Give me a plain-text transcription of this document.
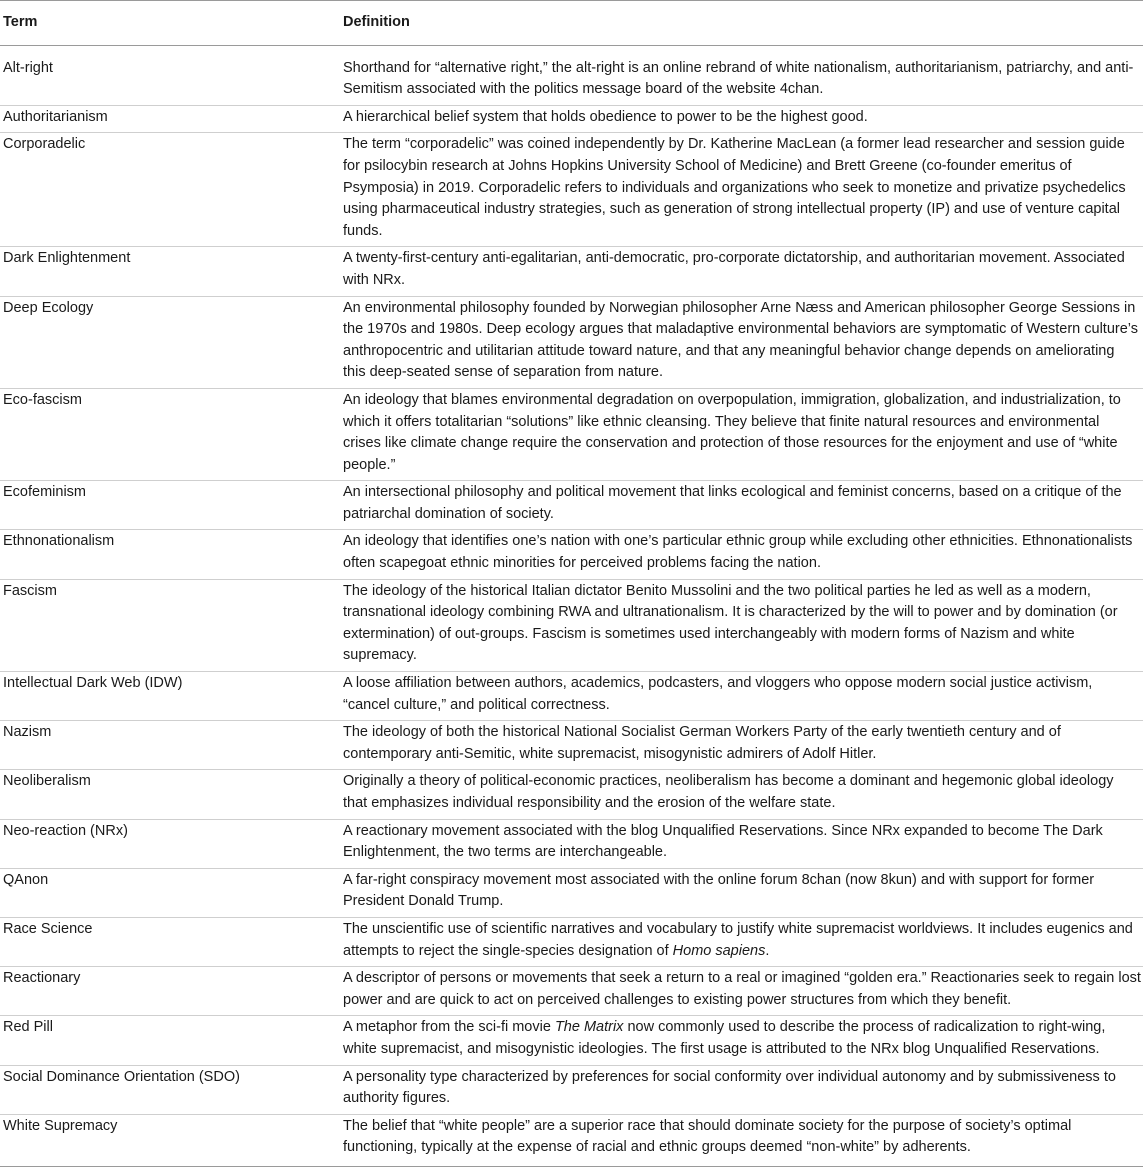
Term	Definition
Alt-right	Shorthand for “alternative right,” the alt-right is an online rebrand of white nationalism, authoritarianism, patriarchy, and anti-Semitism associated with the politics message board of the website 4chan.
Authoritarianism	A hierarchical belief system that holds obedience to power to be the highest good.
Corporadelic	The term “corporadelic” was coined independently by Dr. Katherine MacLean (a former lead researcher and session guide for psilocybin research at Johns Hopkins University School of Medicine) and Brett Greene (co-founder emeritus of Psymposia) in 2019. Corporadelic refers to individuals and organizations who seek to monetize and privatize psychedelics using pharmaceutical industry strategies, such as generation of strong intellectual property (IP) and use of venture capital funds.
Dark Enlightenment	A twenty-first-century anti-egalitarian, anti-democratic, pro-corporate dictatorship, and authoritarian movement. Associated with NRx.
Deep Ecology	An environmental philosophy founded by Norwegian philosopher Arne Næss and American philosopher George Sessions in the 1970s and 1980s. Deep ecology argues that maladaptive environmental behaviors are symptomatic of Western culture’s anthropocentric and utilitarian attitude toward nature, and that any meaningful behavior change depends on ameliorating this deep-seated sense of separation from nature.
Eco-fascism	An ideology that blames environmental degradation on overpopulation, immigration, globalization, and industrialization, to which it offers totalitarian “solutions” like ethnic cleansing. They believe that finite natural resources and environmental crises like climate change require the conservation and protection of those resources for the enjoyment and use of “white people.”
Ecofeminism	An intersectional philosophy and political movement that links ecological and feminist concerns, based on a critique of the patriarchal domination of society.
Ethnonationalism	An ideology that identifies one’s nation with one’s particular ethnic group while excluding other ethnicities. Ethnonationalists often scapegoat ethnic minorities for perceived problems facing the nation.
Fascism	The ideology of the historical Italian dictator Benito Mussolini and the two political parties he led as well as a modern, transnational ideology combining RWA and ultranationalism. It is characterized by the will to power and by domination (or extermination) of out-groups. Fascism is sometimes used interchangeably with modern forms of Nazism and white supremacy.
Intellectual Dark Web (IDW)	A loose affiliation between authors, academics, podcasters, and vloggers who oppose modern social justice activism, “cancel culture,” and political correctness.
Nazism	The ideology of both the historical National Socialist German Workers Party of the early twentieth century and of contemporary anti-Semitic, white supremacist, misogynistic admirers of Adolf Hitler.
Neoliberalism	Originally a theory of political-economic practices, neoliberalism has become a dominant and hegemonic global ideology that emphasizes individual responsibility and the erosion of the welfare state.
Neo-reaction (NRx)	A reactionary movement associated with the blog Unqualified Reservations. Since NRx expanded to become The Dark Enlightenment, the two terms are interchangeable.
QAnon	A far-right conspiracy movement most associated with the online forum 8chan (now 8kun) and with support for former President Donald Trump.
Race Science	The unscientific use of scientific narratives and vocabulary to justify white supremacist worldviews. It includes eugenics and attempts to reject the single-species designation of Homo sapiens.
Reactionary	A descriptor of persons or movements that seek a return to a real or imagined “golden era.” Reactionaries seek to regain lost power and are quick to act on perceived challenges to existing power structures from which they benefit.
Red Pill	A metaphor from the sci-fi movie The Matrix now commonly used to describe the process of radicalization to right-wing, white supremacist, and misogynistic ideologies. The first usage is attributed to the NRx blog Unqualified Reservations.
Social Dominance Orientation (SDO)	A personality type characterized by preferences for social conformity over individual autonomy and by submissiveness to authority figures.
White Supremacy	The belief that “white people” are a superior race that should dominate society for the purpose of society’s optimal functioning, typically at the expense of racial and ethnic groups deemed “non-white” by adherents.
